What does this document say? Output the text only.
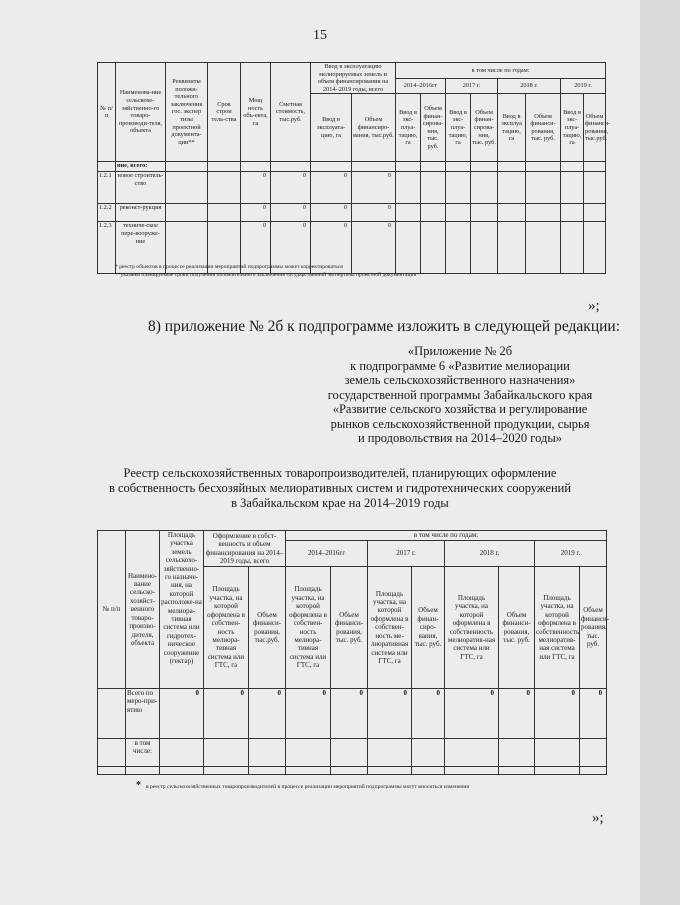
15
№ п/п	Наименова-ние сельскохо-зяйственно-го товаро-производи-теля, объекта	Реквизиты положи-тельного заключения гос. экспер тизы проектной документа-ции**	Срок строи тель-ства	Мощ ность объ-екта, га	Сметная стоимость, тыс.руб.	Ввод в эксплуатацию мелиорируемых земель и объем финансирования на 2014–2019 годы, всего		в том числе по годам:							
								2014–2016гг		2017 г.		2018 г.		2019 г.	
						Ввод в эксплуата-цию, га	Объем финансиро-вания, тыс.руб.	Ввод в экс-плуа-тацию, га	Объем финан-сирова-ния, тыс. руб.	Ввод в экс-плуа-тацию, га	Объем финан-сирова-ния, тыс. руб.	Ввод в эксплуа тацию, га	Объем финанси-рования, тыс. руб.	Ввод в экс-плуа-тацию, га	Объем финанси-рования, тыс.руб.
	ние, всего:														
1.2.1	новое строитель-ство			0	0	0	0								
1.2.2	реконст-рукция			0	0	0	0								
1.2.3	техниче-ское пере-вооруже-ние			0	0	0	0								
* реестр объектов в процессе реализации мероприятий подпрограммы может корректироваться
**указаны планируемые сроки получения положительного заключения государственной экспертизы проектной документации
»;
8) приложение № 2б к подпрограмме изложить в следующей редакции:
«Приложение № 2б
к подпрограмме 6 «Развитие мелиорации
земель сельскохозяйственного назначения»
государственной программы Забайкальского края
«Развитие сельского хозяйства и регулирование
рынков сельскохозяйственной продукции, сырья
и продовольствия на 2014–2020 годы»
Реестр сельскохозяйственных товаропроизводителей, планирующих оформление
в собственность бесхозяйных мелиоративных систем и гидротехнических сооружений
в Забайкальском крае на 2014–2019 годы
№ п/п	Наимено-вание сельско-хозяйст-венного товаро-произво-дителя, объекта	Площадь участка земель сельскохо-зяйственно-го назначе-ния, на которой расположе-на мелиора-тивная система или гидротех-ническое сооружение (гектар)	Оформление в собст-венность и объем финансирования на 2014–2019 годы, всего		в том числе по годам:							
					2014–2016гг		2017 г.		2018 г.		2019 г.	
			Площадь участка, на которой оформлена в собствен-ность мелиора-тивная система или ГТС, га	Объем финанси-рования, тыс.руб.	Площадь участка, на которой оформлена в собствен-ность мелиора-тивная система или ГТС, га	Объем финанси-рования, тыс. руб.	Площадь участка, на которой оформлена в собствен-ность ме-лиоративная система или ГТС, га	Объем финан-сиро-вания, тыс. руб.	Площадь участка, на которой оформлена в собственность мелиоратив-ная система или ГТС, га	Объем финанси-рования, тыс. руб.	Площадь участка, на которой оформлена в собственность мелиоратив-ная система или ГТС, га	Объем финанси-рования, тыс. руб.
	Всего по меро-при-ятию	0	0	0	0	0	0	0	0	0	0	0
	в том числе:											

* в реестр сельскохозяйственных товаропроизводителей в процессе реализации мероприятий подпрограммы могут вноситься изменения
»;
